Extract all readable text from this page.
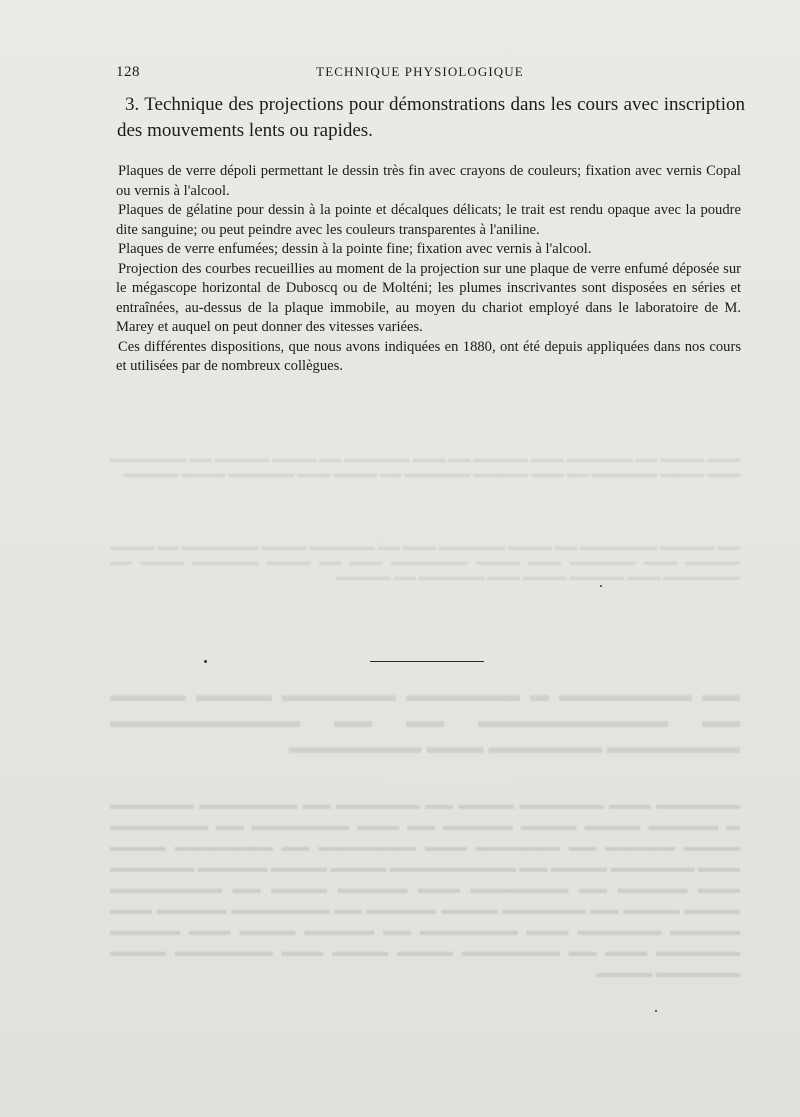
▬▬▬ ▬▬▬▬ ▬▬ ▬▬▬▬▬▬ ▬▬▬ ▬▬▬▬▬ ▬▬ ▬▬▬ ▬▬▬▬▬▬ ▬▬ ▬▬▬▬ ▬▬▬▬▬ ▬▬ ▬▬▬▬▬▬▬ ▬▬▬ ▬▬▬▬ ▬▬▬▬▬▬ ▬▬ ▬▬▬ ▬▬▬▬▬ ▬▬▬▬▬▬ ▬▬ ▬▬▬▬ ▬▬▬ ▬▬▬▬▬▬ ▬▬▬▬ ▬▬▬▬▬
▬▬ ▬▬▬▬▬ ▬▬▬▬▬▬▬ ▬▬ ▬▬▬▬ ▬▬▬▬▬▬ ▬▬▬ ▬▬ ▬▬▬▬▬▬ ▬▬▬▬ ▬▬▬▬▬▬▬ ▬▬ ▬▬▬▬ ▬▬▬▬▬ ▬▬▬ ▬▬▬▬▬▬ ▬▬▬ ▬▬▬▬ ▬▬▬▬▬▬▬ ▬▬▬ ▬▬ ▬▬▬▬ ▬▬▬▬▬▬ ▬▬▬▬ ▬▬ ▬▬▬▬▬▬▬ ▬▬▬ ▬▬▬▬▬ ▬▬▬▬ ▬▬▬ ▬▬▬▬▬▬ ▬▬ ▬▬▬▬▬
▬▬ ▬▬▬▬▬▬▬ ▬ ▬▬▬▬▬▬ ▬▬▬▬▬▬ ▬▬▬▬ ▬▬▬▬ ▬▬ ▬▬▬▬▬▬▬▬▬▬ ▬▬ ▬▬ ▬▬▬▬▬▬▬▬▬▬ ▬▬▬▬▬▬▬ ▬▬▬▬▬▬ ▬▬▬ ▬▬▬▬▬▬▬
▬▬▬▬▬▬ ▬▬▬ ▬▬▬▬▬▬ ▬▬▬▬ ▬▬ ▬▬▬▬▬▬ ▬▬ ▬▬▬▬▬▬▬ ▬▬▬▬▬▬ ▬ ▬▬▬▬▬ ▬▬▬▬ ▬▬▬▬ ▬▬▬▬▬ ▬▬ ▬▬▬ ▬▬▬▬▬▬▬ ▬▬ ▬▬▬▬▬▬▬ ▬▬▬▬ ▬▬▬▬▬ ▬▬ ▬▬▬▬▬▬ ▬▬▬ ▬▬▬▬▬▬▬ ▬▬ ▬▬▬▬▬▬▬ ▬▬▬▬ ▬▬▬ ▬▬▬▬▬▬ ▬▬▬▬ ▬▬ ▬▬▬▬▬▬▬▬▬ ▬▬▬▬ ▬▬▬▬ ▬▬▬▬▬ ▬▬▬▬▬▬ ▬▬▬ ▬▬▬▬▬ ▬▬ ▬▬▬▬▬▬▬ ▬▬▬ ▬▬▬▬▬ ▬▬▬▬ ▬▬ ▬▬▬▬▬▬▬▬ ▬▬▬▬ ▬▬▬▬ ▬▬ ▬▬▬▬▬▬ ▬▬▬▬ ▬▬▬▬▬ ▬▬ ▬▬▬▬▬▬▬ ▬▬▬▬▬ ▬▬▬ ▬▬▬▬▬ ▬▬▬▬▬▬ ▬▬▬ ▬▬▬▬▬▬▬ ▬▬ ▬▬▬▬▬ ▬▬▬▬ ▬▬▬ ▬▬▬▬▬ ▬▬▬▬▬▬ ▬▬▬ ▬▬ ▬▬▬▬▬▬▬ ▬▬▬▬ ▬▬▬▬ ▬▬▬ ▬▬▬▬▬▬▬ ▬▬▬▬ ▬▬▬▬▬▬ ▬▬▬▬
128	TECHNIQUE PHYSIOLOGIQUE
3. Technique des projections pour démonstrations dans les cours avec inscription des mouvements lents ou rapides.

Plaques de verre dépoli permettant le dessin très fin avec crayons de couleurs; fixation avec vernis Copal ou vernis à l'alcool.

Plaques de gélatine pour dessin à la pointe et décalques délicats; le trait est rendu opaque avec la poudre dite sanguine; ou peut peindre avec les couleurs transparentes à l'aniline.

Plaques de verre enfumées; dessin à la pointe fine; fixation avec vernis à l'alcool.

Projection des courbes recueillies au moment de la projection sur une plaque de verre enfumé déposée sur le mégascope horizontal de Duboscq ou de Molténi; les plumes inscrivantes sont disposées en séries et entraînées, au-dessus de la plaque immobile, au moyen du chariot employé dans le laboratoire de M. Marey et auquel on peut donner des vitesses variées.

Ces différentes dispositions, que nous avons indiquées en 1880, ont été depuis appliquées dans nos cours et utilisées par de nombreux collègues.
